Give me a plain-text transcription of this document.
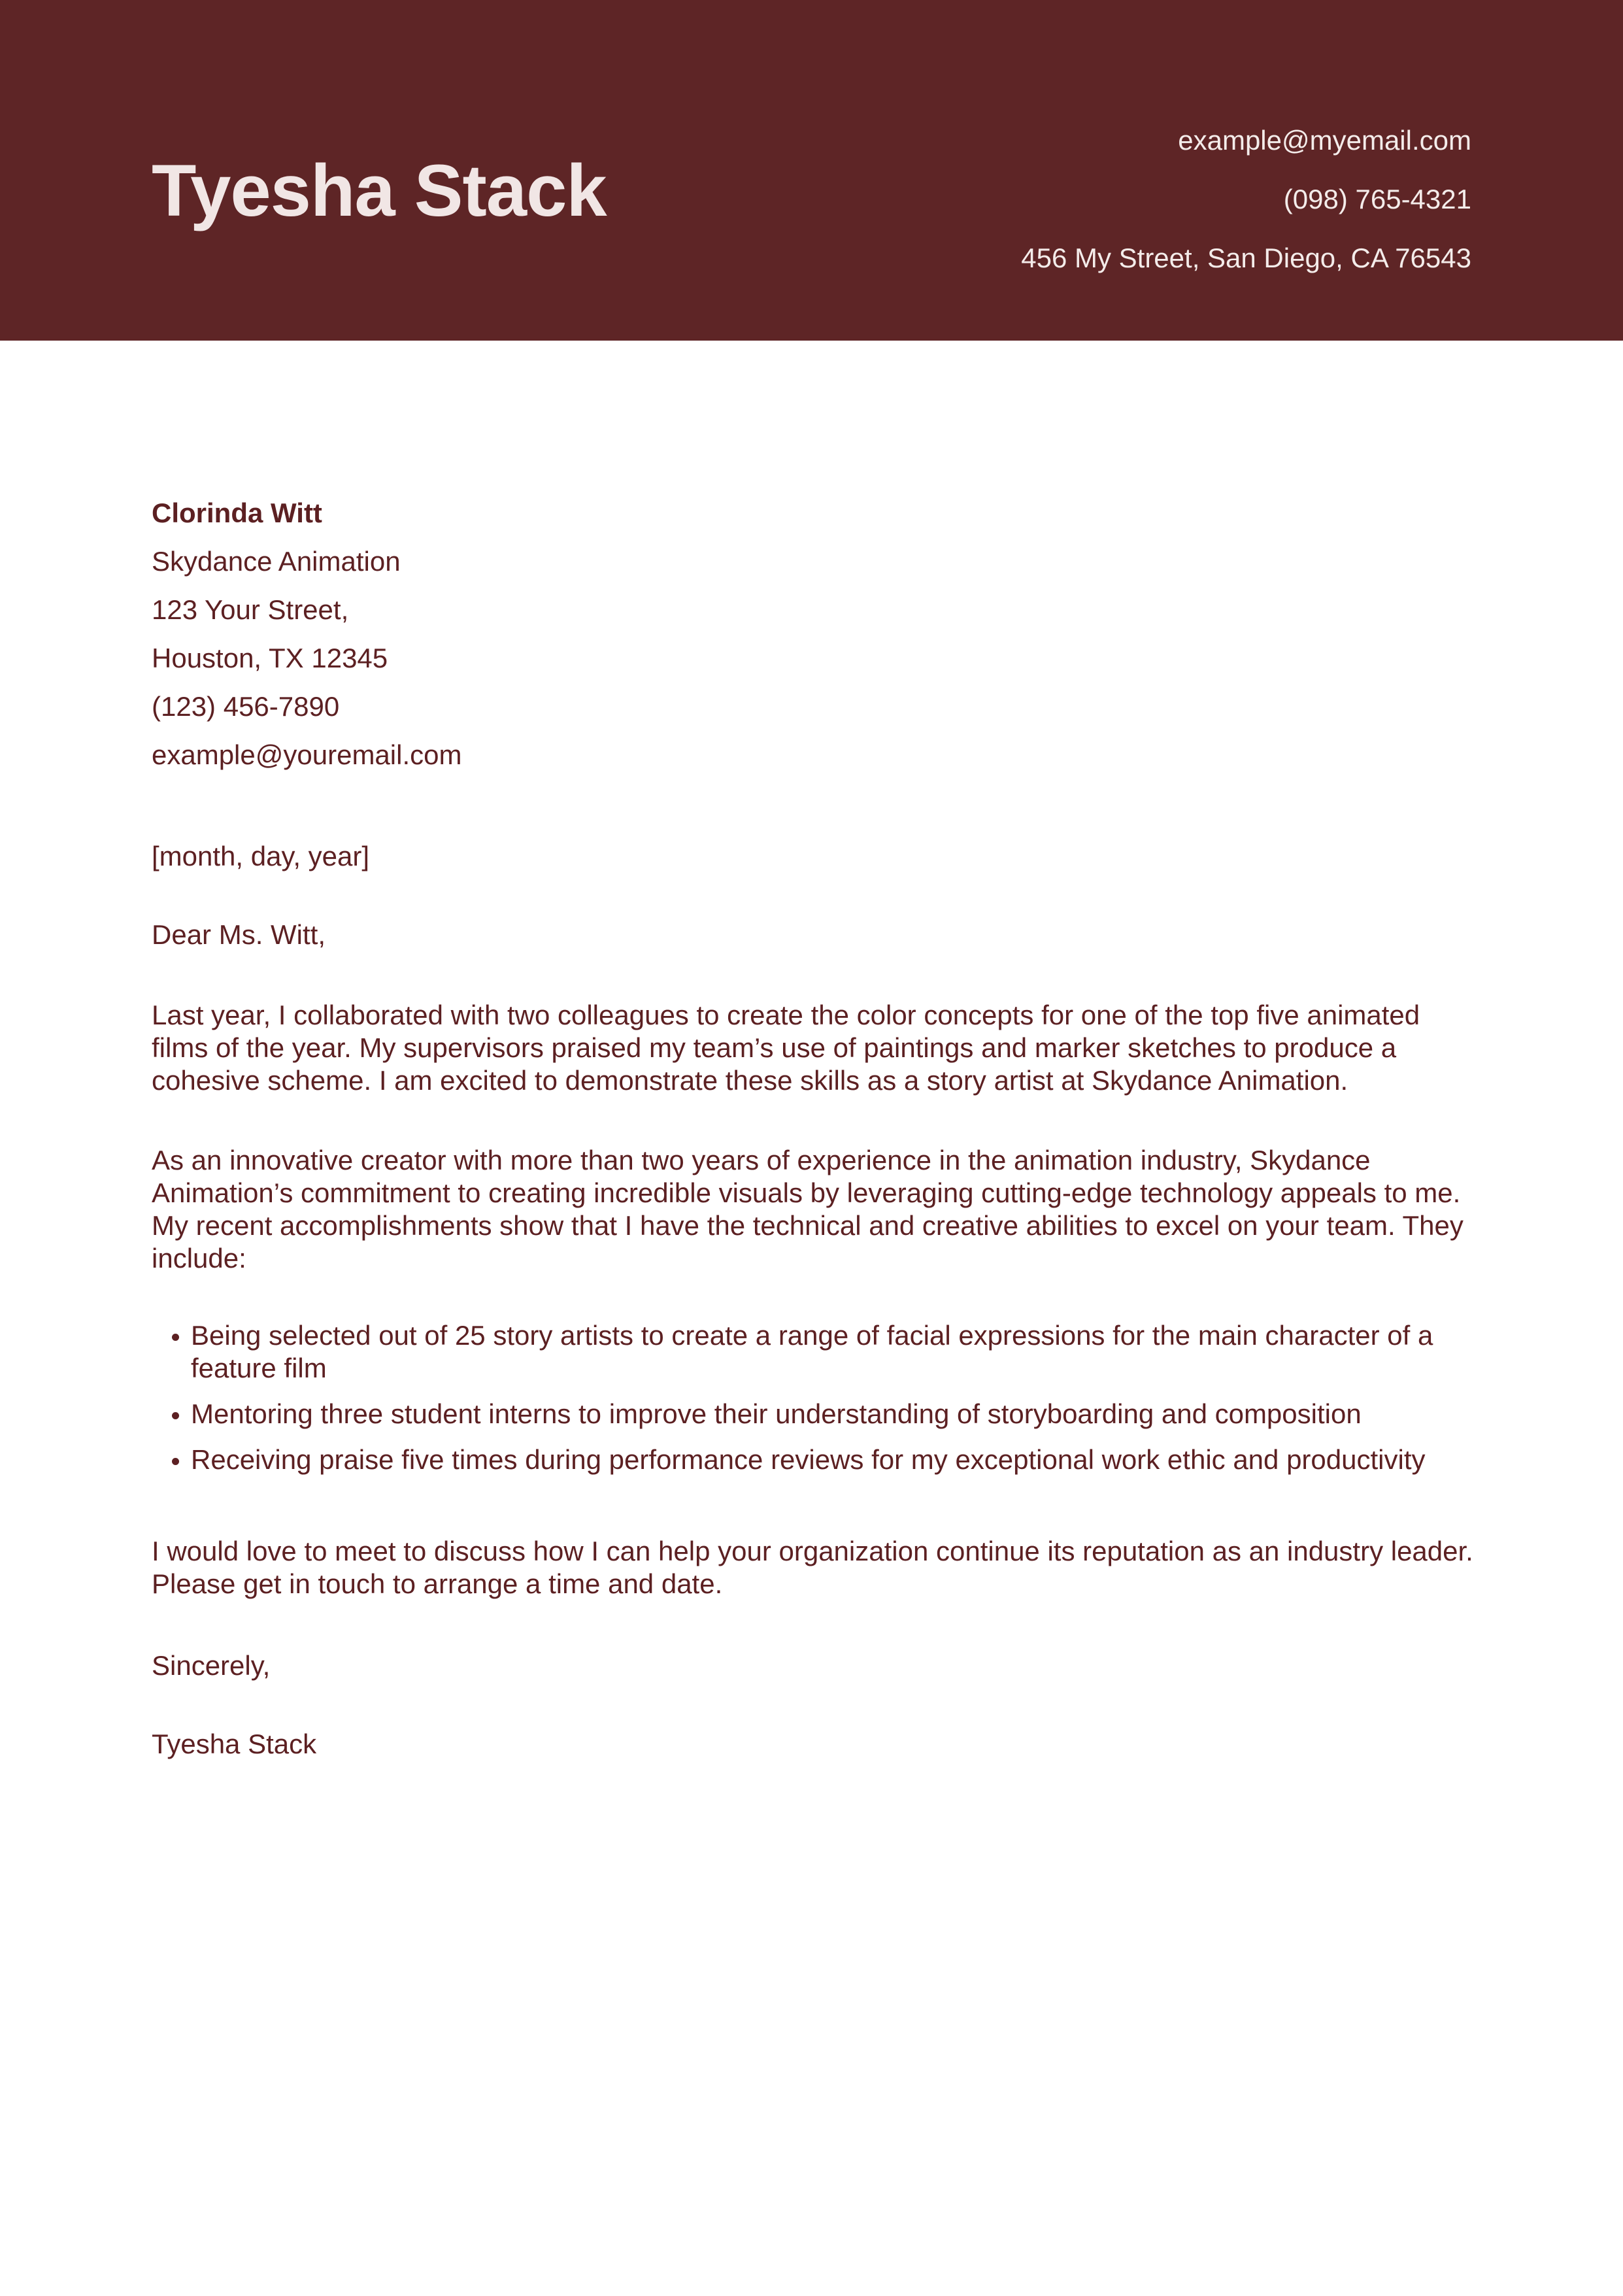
Tyesha Stack
example@myemail.com
(098) 765-4321
456 My Street, San Diego, CA 76543
Clorinda Witt
Skydance Animation
123 Your Street,
Houston, TX 12345
(123) 456-7890
example@youremail.com
[month, day, year]
Dear Ms. Witt,
Last year, I collaborated with two colleagues to create the color concepts for one of the top five animated films of the year. My supervisors praised my team’s use of paintings and marker sketches to produce a cohesive scheme. I am excited to demonstrate these skills as a story artist at Skydance Animation.
As an innovative creator with more than two years of experience in the animation industry, Skydance Animation’s commitment to creating incredible visuals by leveraging cutting-edge technology appeals to me. My recent accomplishments show that I have the technical and creative abilities to excel on your team. They include:
• Being selected out of 25 story artists to create a range of facial expressions for the main character of a feature film
• Mentoring three student interns to improve their understanding of storyboarding and composition
• Receiving praise five times during performance reviews for my exceptional work ethic and productivity
I would love to meet to discuss how I can help your organization continue its reputation as an industry leader. Please get in touch to arrange a time and date.
Sincerely,
Tyesha Stack
